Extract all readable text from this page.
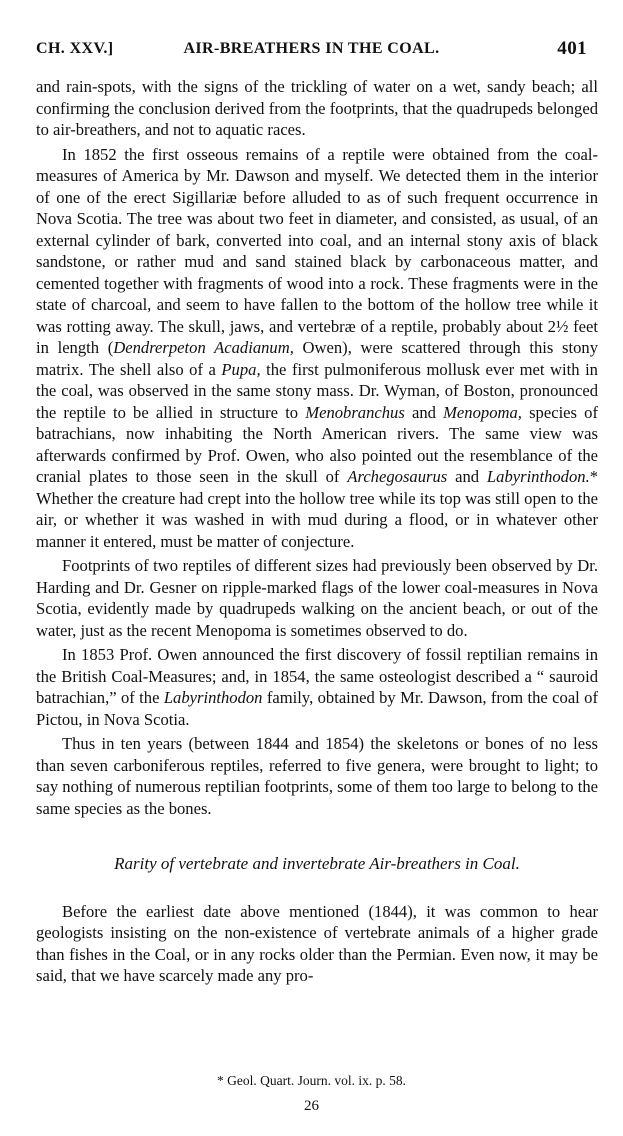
CH. XXV.]	AIR-BREATHERS IN THE COAL.	401

and rain-spots, with the signs of the trickling of water on a wet, sandy beach; all confirming the conclusion derived from the footprints, that the quadrupeds belonged to air-breathers, and not to aquatic races.

In 1852 the first osseous remains of a reptile were obtained from the coal-measures of America by Mr. Dawson and myself. We detected them in the interior of one of the erect Sigillariæ before alluded to as of such frequent occurrence in Nova Scotia. The tree was about two feet in diameter, and consisted, as usual, of an external cylinder of bark, converted into coal, and an internal stony axis of black sandstone, or rather mud and sand stained black by carbonaceous matter, and cemented together with fragments of wood into a rock. These fragments were in the state of charcoal, and seem to have fallen to the bottom of the hollow tree while it was rotting away. The skull, jaws, and vertebræ of a reptile, probably about 2½ feet in length (Dendrerpeton Acadianum, Owen), were scattered through this stony matrix. The shell also of a Pupa, the first pulmoniferous mollusk ever met with in the coal, was observed in the same stony mass. Dr. Wyman, of Boston, pronounced the reptile to be allied in structure to Menobranchus and Menopoma, species of batrachians, now inhabiting the North American rivers. The same view was afterwards confirmed by Prof. Owen, who also pointed out the resemblance of the cranial plates to those seen in the skull of Archegosaurus and Labyrinthodon.* Whether the creature had crept into the hollow tree while its top was still open to the air, or whether it was washed in with mud during a flood, or in whatever other manner it entered, must be matter of conjecture.

Footprints of two reptiles of different sizes had previously been observed by Dr. Harding and Dr. Gesner on ripple-marked flags of the lower coal-measures in Nova Scotia, evidently made by quadrupeds walking on the ancient beach, or out of the water, just as the recent Menopoma is sometimes observed to do.

In 1853 Prof. Owen announced the first discovery of fossil reptilian remains in the British Coal-Measures; and, in 1854, the same osteologist described a “ sauroid batrachian,” of the Labyrinthodon family, obtained by Mr. Dawson, from the coal of Pictou, in Nova Scotia.

Thus in ten years (between 1844 and 1854) the skeletons or bones of no less than seven carboniferous reptiles, referred to five genera, were brought to light; to say nothing of numerous reptilian footprints, some of them too large to belong to the same species as the bones.

Rarity of vertebrate and invertebrate Air-breathers in Coal.

Before the earliest date above mentioned (1844), it was common to hear geologists insisting on the non-existence of vertebrate animals of a higher grade than fishes in the Coal, or in any rocks older than the Permian. Even now, it may be said, that we have scarcely made any pro-

* Geol. Quart. Journ. vol. ix. p. 58.
26
